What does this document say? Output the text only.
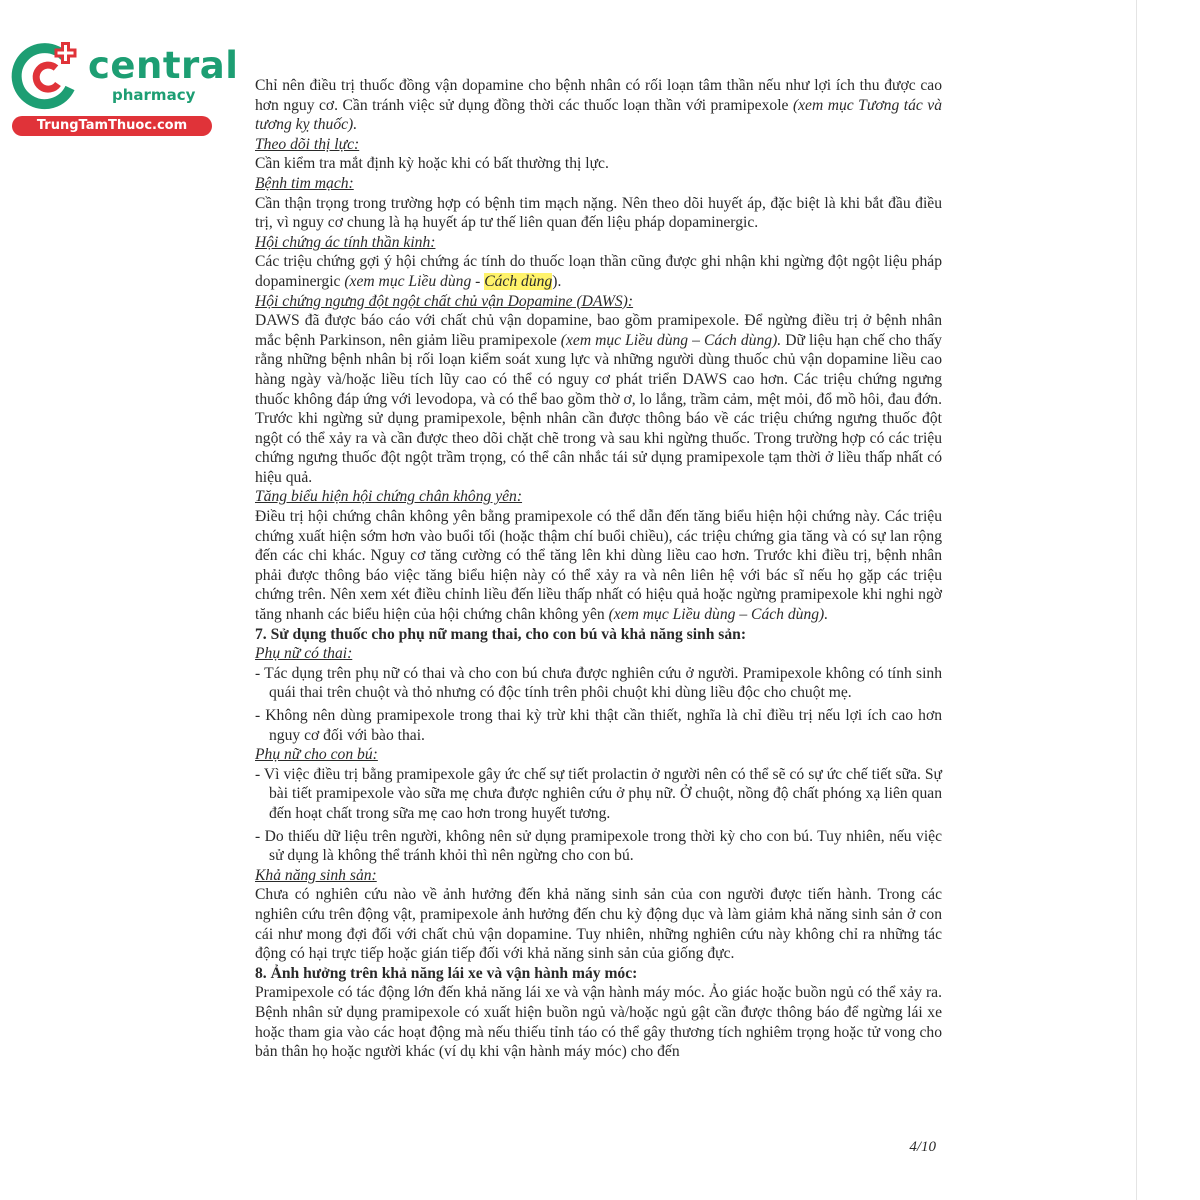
central
pharmacy
TrungTamThuoc.com

Chỉ nên điều trị thuốc đồng vận dopamine cho bệnh nhân có rối loạn tâm thần nếu như lợi ích thu được cao hơn nguy cơ. Cần tránh việc sử dụng đồng thời các thuốc loạn thần với pramipexole (xem mục Tương tác và tương kỵ thuốc).

Theo dõi thị lực:

Cần kiểm tra mắt định kỳ hoặc khi có bất thường thị lực.

Bệnh tim mạch:

Cần thận trọng trong trường hợp có bệnh tim mạch nặng. Nên theo dõi huyết áp, đặc biệt là khi bắt đầu điều trị, vì nguy cơ chung là hạ huyết áp tư thế liên quan đến liệu pháp dopaminergic.

Hội chứng ác tính thần kinh:

Các triệu chứng gợi ý hội chứng ác tính do thuốc loạn thần cũng được ghi nhận khi ngừng đột ngột liệu pháp dopaminergic (xem mục Liều dùng - Cách dùng).

Hội chứng ngưng đột ngột chất chủ vận Dopamine (DAWS):

DAWS đã được báo cáo với chất chủ vận dopamine, bao gồm pramipexole. Để ngừng điều trị ở bệnh nhân mắc bệnh Parkinson, nên giảm liều pramipexole (xem mục Liều dùng – Cách dùng). Dữ liệu hạn chế cho thấy rằng những bệnh nhân bị rối loạn kiểm soát xung lực và những người dùng thuốc chủ vận dopamine liều cao hàng ngày và/hoặc liều tích lũy cao có thể có nguy cơ phát triển DAWS cao hơn. Các triệu chứng ngưng thuốc không đáp ứng với levodopa, và có thể bao gồm thờ ơ, lo lắng, trầm cảm, mệt mỏi, đổ mồ hôi, đau đớn. Trước khi ngừng sử dụng pramipexole, bệnh nhân cần được thông báo về các triệu chứng ngưng thuốc đột ngột có thể xảy ra và cần được theo dõi chặt chẽ trong và sau khi ngừng thuốc. Trong trường hợp có các triệu chứng ngưng thuốc đột ngột trầm trọng, có thể cân nhắc tái sử dụng pramipexole tạm thời ở liều thấp nhất có hiệu quả.

Tăng biểu hiện hội chứng chân không yên:

Điều trị hội chứng chân không yên bằng pramipexole có thể dẫn đến tăng biểu hiện hội chứng này. Các triệu chứng xuất hiện sớm hơn vào buổi tối (hoặc thậm chí buổi chiều), các triệu chứng gia tăng và có sự lan rộng đến các chi khác. Nguy cơ tăng cường có thể tăng lên khi dùng liều cao hơn. Trước khi điều trị, bệnh nhân phải được thông báo việc tăng biểu hiện này có thể xảy ra và nên liên hệ với bác sĩ nếu họ gặp các triệu chứng trên. Nên xem xét điều chỉnh liều đến liều thấp nhất có hiệu quả hoặc ngừng pramipexole khi nghi ngờ tăng nhanh các biểu hiện của hội chứng chân không yên (xem mục Liều dùng – Cách dùng).

7. Sử dụng thuốc cho phụ nữ mang thai, cho con bú và khả năng sinh sản:

Phụ nữ có thai:

- Tác dụng trên phụ nữ có thai và cho con bú chưa được nghiên cứu ở người. Pramipexole không có tính sinh quái thai trên chuột và thỏ nhưng có độc tính trên phôi chuột khi dùng liều độc cho chuột mẹ.

- Không nên dùng pramipexole trong thai kỳ trừ khi thật cần thiết, nghĩa là chỉ điều trị nếu lợi ích cao hơn nguy cơ đối với bào thai.

Phụ nữ cho con bú:

- Vì việc điều trị bằng pramipexole gây ức chế sự tiết prolactin ở người nên có thể sẽ có sự ức chế tiết sữa. Sự bài tiết pramipexole vào sữa mẹ chưa được nghiên cứu ở phụ nữ. Ở chuột, nồng độ chất phóng xạ liên quan đến hoạt chất trong sữa mẹ cao hơn trong huyết tương.

- Do thiếu dữ liệu trên người, không nên sử dụng pramipexole trong thời kỳ cho con bú. Tuy nhiên, nếu việc sử dụng là không thể tránh khỏi thì nên ngừng cho con bú.

Khả năng sinh sản:

Chưa có nghiên cứu nào về ảnh hưởng đến khả năng sinh sản của con người được tiến hành. Trong các nghiên cứu trên động vật, pramipexole ảnh hưởng đến chu kỳ động dục và làm giảm khả năng sinh sản ở con cái như mong đợi đối với chất chủ vận dopamine. Tuy nhiên, những nghiên cứu này không chỉ ra những tác động có hại trực tiếp hoặc gián tiếp đối với khả năng sinh sản của giống đực.

8. Ảnh hưởng trên khả năng lái xe và vận hành máy móc:

Pramipexole có tác động lớn đến khả năng lái xe và vận hành máy móc. Ảo giác hoặc buồn ngủ có thể xảy ra. Bệnh nhân sử dụng pramipexole có xuất hiện buồn ngủ và/hoặc ngủ gật cần được thông báo để ngừng lái xe hoặc tham gia vào các hoạt động mà nếu thiếu tỉnh táo có thể gây thương tích nghiêm trọng hoặc tử vong cho bản thân họ hoặc người khác (ví dụ khi vận hành máy móc) cho đến

4/10
